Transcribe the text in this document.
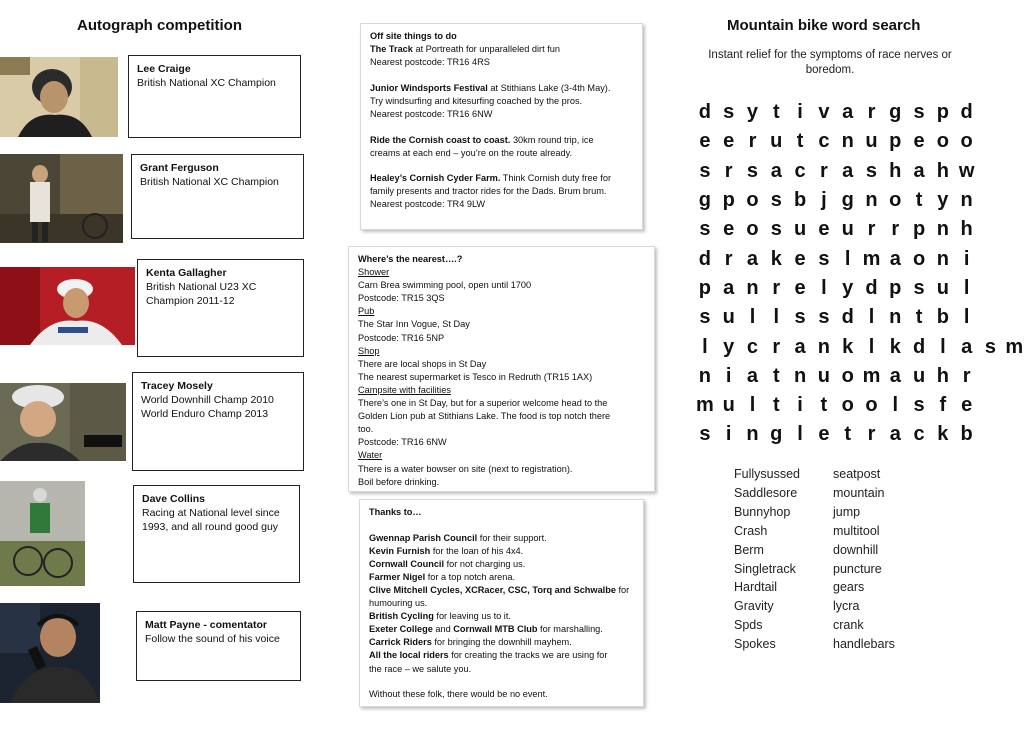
Autograph competition
Lee Craige
British National XC Champion
Grant Ferguson
British National XC Champion
Kenta Gallagher
British National U23 XC
Champion 2011-12
Tracey Mosely
World Downhill Champ 2010
World Enduro Champ 2013
Dave Collins
Racing at National level since
1993, and all round good guy
Matt Payne - comentator
Follow the sound of his voice

Off site things to do

The Track at Portreath for unparalleled dirt fun

Nearest postcode: TR16 4RS

Junior Windsports Festival at Stithians Lake (3-4th May).

Try windsurfing and kitesurfing coached by the pros.

Nearest postcode: TR16 6NW

Ride the Cornish coast to coast. 30km round trip, ice

creams at each end – you’re on the route already.

Healey’s Cornish Cyder Farm. Think Cornish duty free for

family presents and tractor rides for the Dads. Brum brum.

Nearest postcode: TR4 9LW

Where’s the nearest….?

Shower
Carn Brea swimming pool, open until 1700
Postcode: TR15 3QS
Pub
The Star Inn Vogue, St Day
Postcode: TR16 5NP
Shop
There are local shops in St Day
The nearest supermarket is Tesco in Redruth (TR15 1AX)
Campsite with facilities
There’s one in St Day, but for a superior welcome head to the
Golden Lion pub at Stithians Lake. The food is top notch there
too.
Postcode: TR16 6NW
Water
There is a water bowser on site (next to registration).
Boil before drinking.

Thanks to…

Gwennap Parish Council for their support.

Kevin Furnish for the loan of his 4x4.

Cornwall Council for not charging us.

Farmer Nigel for a top notch arena.

Clive Mitchell Cycles, XCRacer, CSC, Torq and Schwalbe for

humouring us.

British Cycling for leaving us to it.

Exeter College and Cornwall MTB Club for marshalling.

Carrick Riders for bringing the downhill mayhem.

All the local riders for creating the tracks we are using for

the race – we salute you.

Without these folk, there would be no event.

Mountain bike word search
Instant relief for the symptoms of race nerves or boredom.
d s y t i v a r g s p d
e e r u t c n u p e o o
s r s a c r a s h a h w
g p o s b j g n o t y n
s e o s u e u r r p n h
d r a k e s l m a o n i
p a n r e l y d p s u l
s u l l s s d l n t b l
l y c r a n k l k d l a s m
n i a t n u o m a u h r
m u l t i t o o l s f e
s i n g l e t r a c k b
Fullysussed
Saddlesore
Bunnyhop
Crash
Berm
Singletrack
Hardtail
Gravity
Spds
Spokes
seatpost
mountain
jump
multitool
downhill
puncture
gears
lycra
crank
handlebars
